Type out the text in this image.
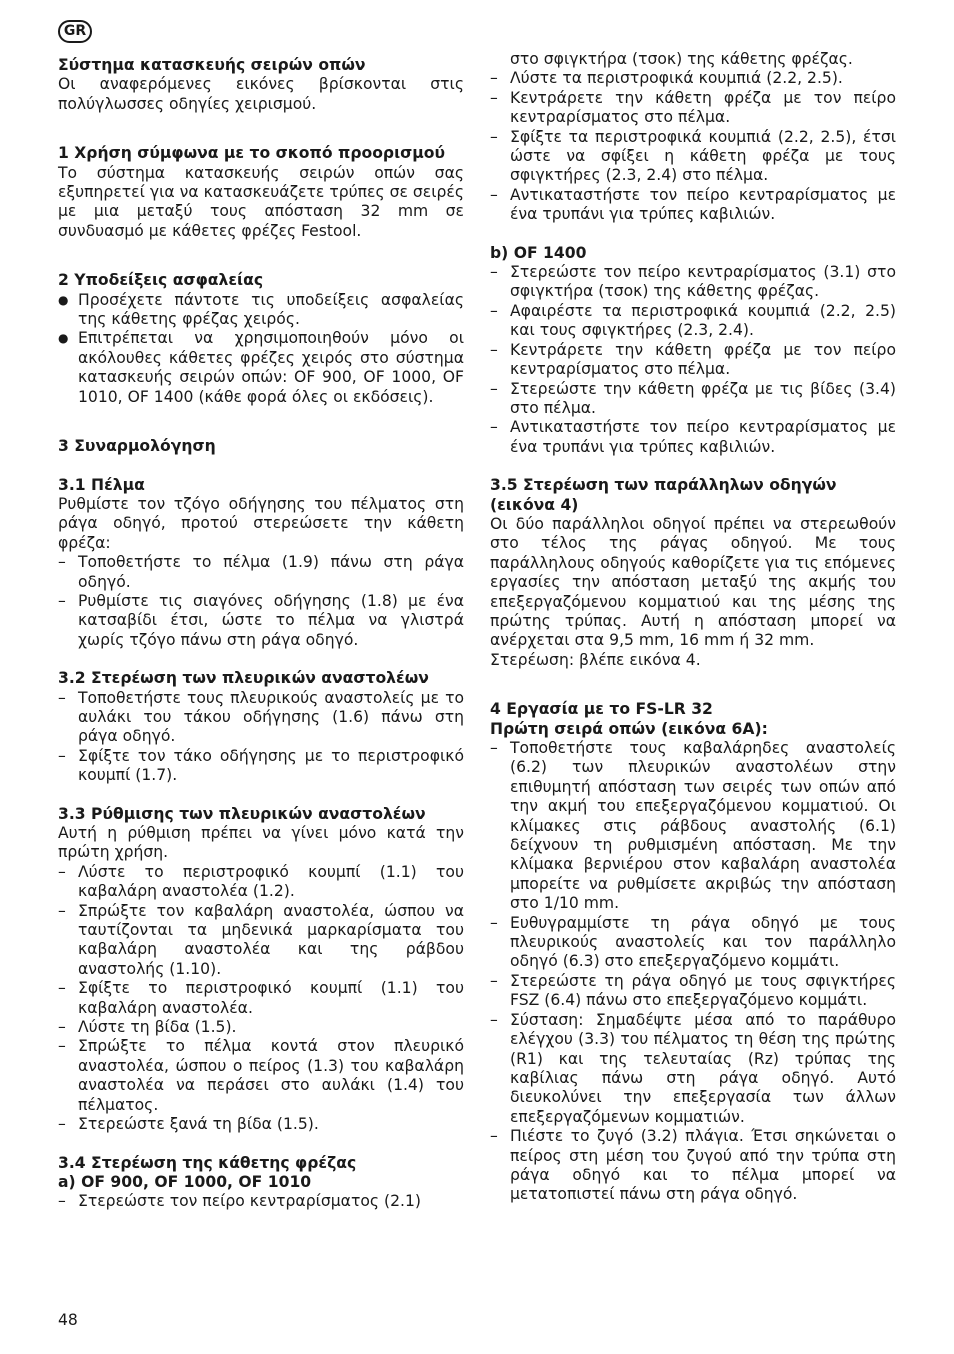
GR

Σύστημα κατασκευής σειρών οπών

Οι αναφερόμενες εικόνες βρίσκονται στις πολύγλωσσες οδηγίες χειρισμού.

1 Χρήση σύμφωνα με το σκοπό προορισμού

Το σύστημα κατασκευής σειρών οπών σας εξυπηρετεί για να κατασκευάζετε τρύπες σε σειρές με μια μεταξύ τους απόσταση 32 mm σε συνδυασμό με κάθετες φρέζες Festool.

2 Υποδείξεις ασφαλείας

● Προσέχετε πάντοτε τις υποδείξεις ασφαλείας της κάθετης φρέζας χειρός.
● Επιτρέπεται να χρησιμοποιηθούν μόνο οι ακόλουθες κάθετες φρέζες χειρός στο σύστημα κατασκευής σειρών οπών: OF 900, OF 1000, OF 1010, OF 1400 (κάθε φορά όλες οι εκδόσεις).

3 Συναρμολόγηση

3.1 Πέλμα

Ρυθμίστε τον τζόγο οδήγησης του πέλματος στη ράγα οδηγό, προτού στερεώσετε την κάθετη φρέζα:

– Τοποθετήστε το πέλμα (1.9) πάνω στη ράγα οδηγό.
– Ρυθμίστε τις σιαγόνες οδήγησης (1.8) με ένα κατσαβίδι έτσι, ώστε το πέλμα να γλιστρά χωρίς τζόγο πάνω στη ράγα οδηγό.

3.2 Στερέωση των πλευρικών αναστολέων

– Τοποθετήστε τους πλευρικούς αναστολείς με το αυλάκι του τάκου οδήγησης (1.6) πάνω στη ράγα οδηγό.
– Σφίξτε τον τάκο οδήγησης με το περιστροφικό κουμπί (1.7).

3.3 Ρύθμισης των πλευρικών αναστολέων

Αυτή η ρύθμιση πρέπει να γίνει μόνο κατά την πρώτη χρήση.

– Λύστε το περιστροφικό κουμπί (1.1) του καβαλάρη αναστολέα (1.2).
– Σπρώξτε τον καβαλάρη αναστολέα, ώσπου να ταυτίζονται τα μηδενικά μαρκαρίσματα του καβαλάρη αναστολέα και της ράβδου αναστολής (1.10).
– Σφίξτε το περιστροφικό κουμπί (1.1) του καβαλάρη αναστολέα.
– Λύστε τη βίδα (1.5).
– Σπρώξτε το πέλμα κοντά στον πλευρικό αναστολέα, ώσπου ο πείρος (1.3) του καβαλάρη αναστολέα να περάσει στο αυλάκι (1.4) του πέλματος.
– Στερεώστε ξανά τη βίδα (1.5).

3.4 Στερέωση της κάθετης φρέζας

a) OF 900, OF 1000, OF 1010

– Στερεώστε τον πείρο κεντραρίσματος (2.1)
στο σφιγκτήρα (τσοκ) της κάθετης φρέζας.
– Λύστε τα περιστροφικά κουμπιά (2.2, 2.5).
– Κεντράρετε την κάθετη φρέζα με τον πείρο κεντραρίσματος στο πέλμα.
– Σφίξτε τα περιστροφικά κουμπιά (2.2, 2.5), έτσι ώστε να σφίξει η κάθετη φρέζα με τους σφιγκτήρες (2.3, 2.4) στο πέλμα.
– Αντικαταστήστε τον πείρο κεντραρίσματος με ένα τρυπάνι για τρύπες καβιλιών.

b) OF 1400

– Στερεώστε τον πείρο κεντραρίσματος (3.1) στο σφιγκτήρα (τσοκ) της κάθετης φρέζας.
– Αφαιρέστε τα περιστροφικά κουμπιά (2.2, 2.5) και τους σφιγκτήρες (2.3, 2.4).
– Κεντράρετε την κάθετη φρέζα με τον πείρο κεντραρίσματος στο πέλμα.
– Στερεώστε την κάθετη φρέζα με τις βίδες (3.4) στο πέλμα.
– Αντικαταστήστε τον πείρο κεντραρίσματος με ένα τρυπάνι για τρύπες καβιλιών.

3.5 Στερέωση των παράλληλων οδηγών (εικόνα 4)

Οι δύο παράλληλοι οδηγοί πρέπει να στερεωθούν στο τέλος της ράγας οδηγού. Με τους παράλληλους οδηγούς καθορίζετε για τις επόμενες εργασίες την απόσταση μεταξύ της ακμής του επεξεργαζόμενου κομματιού και της μέσης της πρώτης τρύπας. Αυτή η απόσταση μπορεί να ανέρχεται στα 9,5 mm, 16 mm ή 32 mm.

Στερέωση: βλέπε εικόνα 4.

4 Εργασία με το FS-LR 32

Πρώτη σειρά οπών (εικόνα 6A):

– Τοποθετήστε τους καβαλάρηδες αναστολείς (6.2) των πλευρικών αναστολέων στην επιθυμητή απόσταση των σειρές των οπών από την ακμή του επεξεργαζόμενου κομματιού. Οι κλίμακες στις ράβδους αναστολής (6.1) δείχνουν τη ρυθμισμένη απόσταση. Με την κλίμακα βερνιέρου στον καβαλάρη αναστολέα μπορείτε να ρυθμίσετε ακριβώς την απόσταση στο 1/10 mm.
– Ευθυγραμμίστε τη ράγα οδηγό με τους πλευρικούς αναστολείς και τον παράλληλο οδηγό (6.3) στο επεξεργαζόμενο κομμάτι.
– Στερεώστε τη ράγα οδηγό με τους σφιγκτήρες FSZ (6.4) πάνω στο επεξεργαζόμενο κομμάτι.
– Σύσταση: Σημαδέψτε μέσα από το παράθυρο ελέγχου (3.3) του πέλματος τη θέση της πρώτης (R1) και της τελευταίας (Rz) τρύπας της καβίλιας πάνω στη ράγα οδηγό. Αυτό διευκολύνει την επεξεργασία των άλλων επεξεργαζόμενων κομματιών.
– Πιέστε το ζυγό (3.2) πλάγια. Έτσι σηκώνεται ο πείρος στη μέση του ζυγού από την τρύπα στη ράγα οδηγό και το πέλμα μπορεί να μετατοπιστεί πάνω στη ράγα οδηγό.
48
